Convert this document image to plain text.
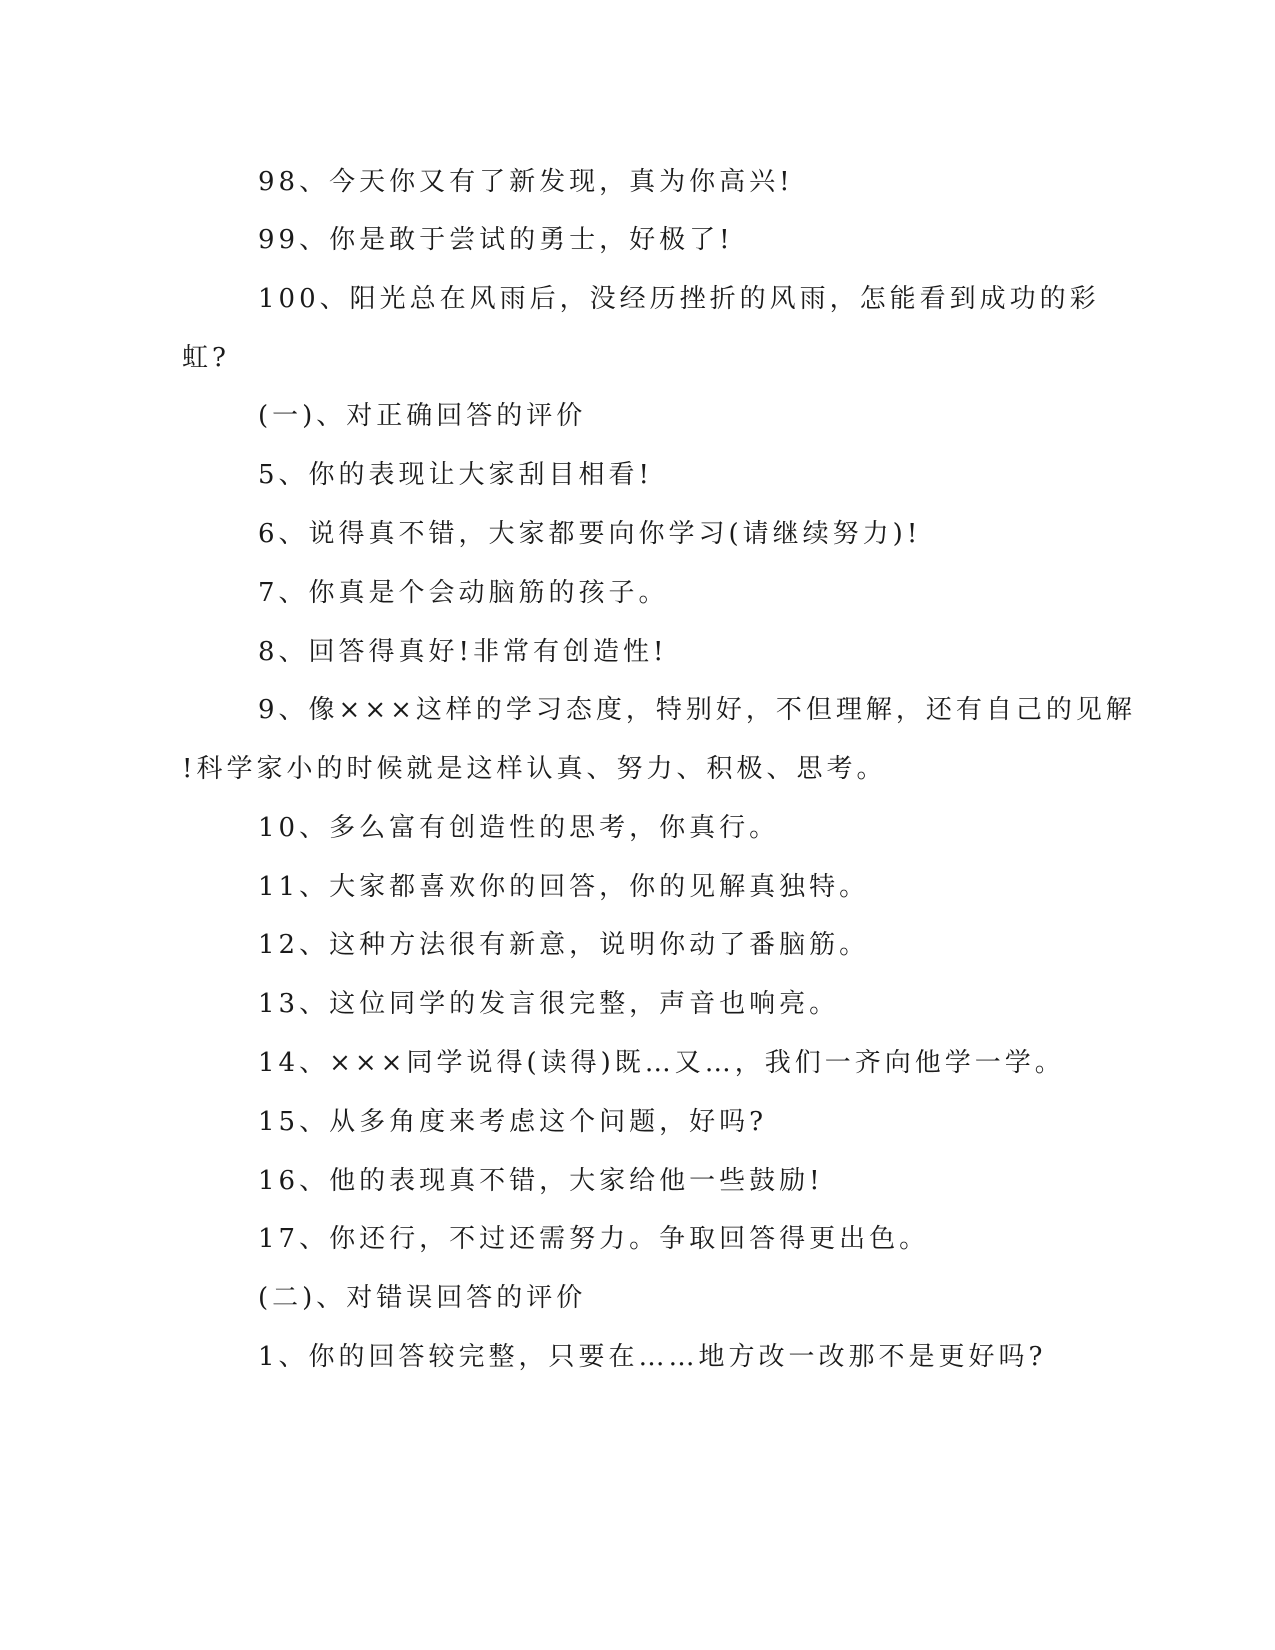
98、今天你又有了新发现，真为你高兴!
99、你是敢于尝试的勇士，好极了!
100、阳光总在风雨后，没经历挫折的风雨，怎能看到成功的彩
虹?
(一)、对正确回答的评价
5、你的表现让大家刮目相看!
6、说得真不错，大家都要向你学习(请继续努力)!
7、你真是个会动脑筋的孩子。
8、回答得真好!非常有创造性!
9、像×××这样的学习态度，特别好，不但理解，还有自己的见解
!科学家小的时候就是这样认真、努力、积极、思考。
10、多么富有创造性的思考，你真行。
11、大家都喜欢你的回答，你的见解真独特。
12、这种方法很有新意，说明你动了番脑筋。
13、这位同学的发言很完整，声音也响亮。
14、×××同学说得(读得)既…又…，我们一齐向他学一学。
15、从多角度来考虑这个问题，好吗?
16、他的表现真不错，大家给他一些鼓励!
17、你还行，不过还需努力。争取回答得更出色。
(二)、对错误回答的评价
1、你的回答较完整，只要在……地方改一改那不是更好吗?
